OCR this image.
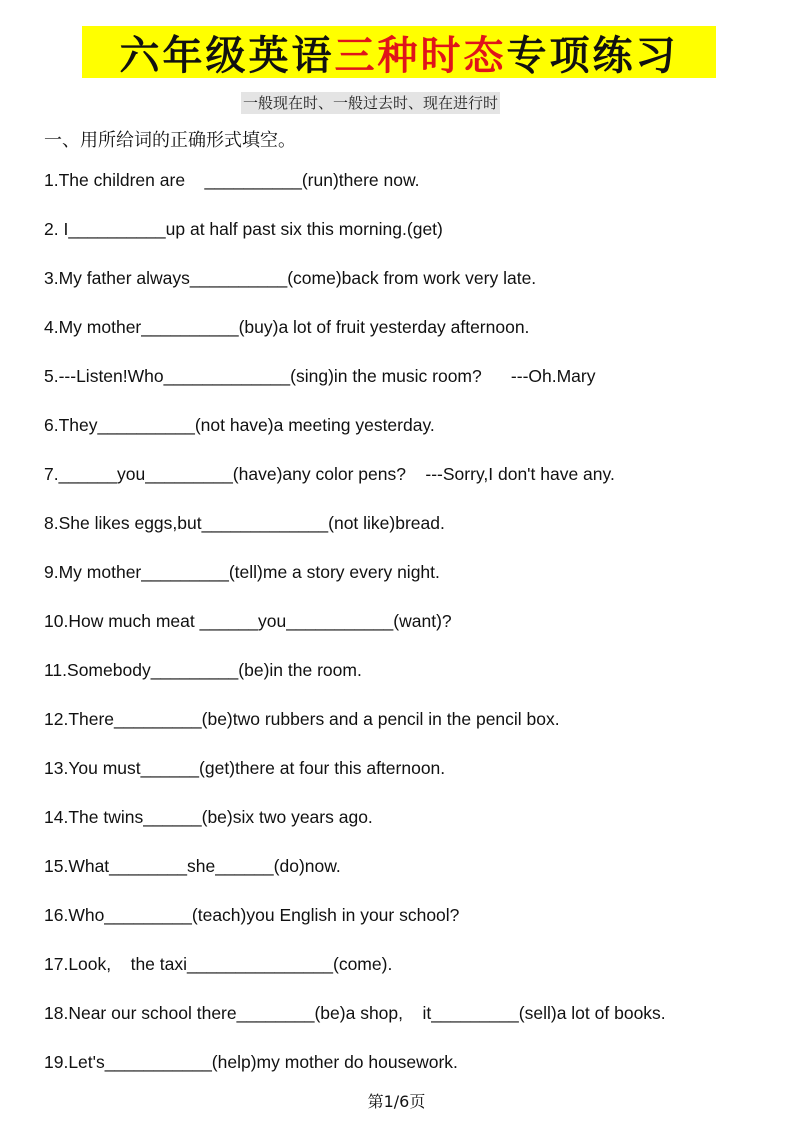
六年级英语 三种时态 专项练习
一般现在时、一般过去时、现在进行时
一、用所给词的正确形式填空。
1.The children are    __________(run)there now.
2. I__________up at half past six this morning.(get)
3.My father always__________(come)back from work very late.
4.My mother__________(buy)a lot of fruit yesterday afternoon.
5.---Listen!Who_____________(sing)in the music room?      ---Oh.Mary
6.They__________(not have)a meeting yesterday.
7.______you_________(have)any color pens?    ---Sorry,I don't have any.
8.She likes eggs,but_____________(not like)bread.
9.My mother_________(tell)me a story every night.
10.How much meat ______you___________(want)?
11.Somebody_________(be)in the room.
12.There_________(be)two rubbers and a pencil in the pencil box.
13.You must______(get)there at four this afternoon.
14.The twins______(be)six two years ago.
15.What________she______(do)now.
16.Who_________(teach)you English in your school?
17.Look,    the taxi_______________(come).
18.Near our school there________(be)a shop,    it_________(sell)a lot of books.
19.Let's___________(help)my mother do housework.
第1/6页
